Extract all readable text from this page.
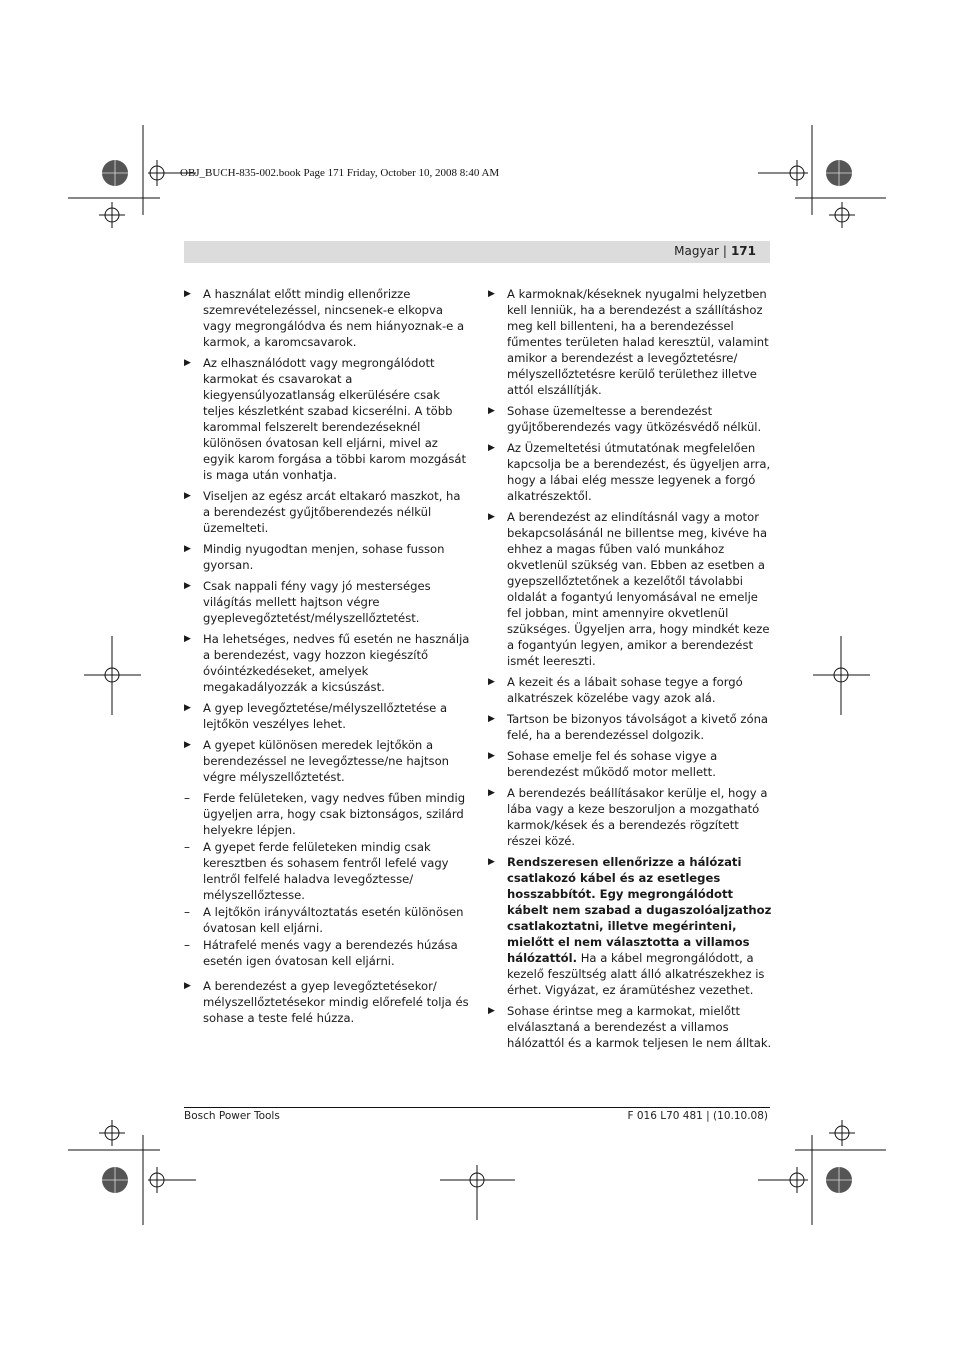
OBJ_BUCH-835-002.book Page 171 Friday, October 10, 2008 8:40 AM
Magyar | 171
▶	A használat előtt mindig ellenőrizze szemrevételezéssel, nincsenek-e elkopva vagy megrongálódva és nem hiányoznak-e a karmok, a karomcsavarok.
▶	Az elhasználódott vagy megrongálódott karmokat és csavarokat a kiegyensúlyozatlanság elkerülésére csak teljes készletként szabad kicserélni. A több karommal felszerelt berendezéseknél különösen óvatosan kell eljárni, mivel az egyik karom forgása a többi karom mozgását is maga után vonhatja.
▶	Viseljen az egész arcát eltakaró maszkot, ha a berendezést gyűjtőberendezés nélkül üzemelteti.
▶	Mindig nyugodtan menjen, sohase fusson gyorsan.
▶	Csak nappali fény vagy jó mesterséges világítás mellett hajtson végre gyeplevegőztetést/mélyszellőztetést.
▶	Ha lehetséges, nedves fű esetén ne használja a berendezést, vagy hozzon kiegészítő óvóintézkedéseket, amelyek megakadályozzák a kicsúszást.
▶	A gyep levegőztetése/mélyszellőztetése a lejtőkön veszélyes lehet.
▶	A gyepet különösen meredek lejtőkön a berendezéssel ne levegőztesse/ne hajtson végre mélyszellőztetést.
–	Ferde felületeken, vagy nedves fűben mindig ügyeljen arra, hogy csak biztonságos, szilárd helyekre lépjen.
–	A gyepet ferde felületeken mindig csak keresztben és sohasem fentről lefelé vagy lentről felfelé haladva levegőztesse/ mélyszellőztesse.
–	A lejtőkön irányváltoztatás esetén különösen óvatosan kell eljárni.
–	Hátrafelé menés vagy a berendezés húzása esetén igen óvatosan kell eljárni.
▶	A berendezést a gyep levegőztetésekor/ mélyszellőztetésekor mindig előrefelé tolja és sohase a teste felé húzza.
▶	A karmoknak/késeknek nyugalmi helyzetben kell lenniük, ha a berendezést a szállításhoz meg kell billenteni, ha a berendezéssel fűmentes területen halad keresztül, valamint amikor a berendezést a levegőztetésre/ mélyszellőztetésre kerülő területhez illetve attól elszállítják.
▶	Sohase üzemeltesse a berendezést gyűjtőberendezés vagy ütközésvédő nélkül.
▶	Az Üzemeltetési útmutatónak megfelelően kapcsolja be a berendezést, és ügyeljen arra, hogy a lábai elég messze legyenek a forgó alkatrészektől.
▶	A berendezést az elindításnál vagy a motor bekapcsolásánál ne billentse meg, kivéve ha ehhez a magas fűben való munkához okvetlenül szükség van. Ebben az esetben a gyepszellőztetőnek a kezelőtől távolabbi oldalát a fogantyú lenyomásával ne emelje fel jobban, mint amennyire okvetlenül szükséges. Ügyeljen arra, hogy mindkét keze a fogantyún legyen, amikor a berendezést ismét leereszti.
▶	A kezeit és a lábait sohase tegye a forgó alkatrészek közelébe vagy azok alá.
▶	Tartson be bizonyos távolságot a kivető zóna felé, ha a berendezéssel dolgozik.
▶	Sohase emelje fel és sohase vigye a berendezést működő motor mellett.
▶	A berendezés beállításakor kerülje el, hogy a lába vagy a keze beszoruljon a mozgatható karmok/kések és a berendezés rögzített részei közé.
▶	Rendszeresen ellenőrizze a hálózati csatlakozó kábel és az esetleges hosszabbítót. Egy megrongálódott kábelt nem szabad a dugaszolóaljzathoz csatlakoztatni, illetve megérinteni, mielőtt el nem választotta a villamos hálózattól. Ha a kábel megrongálódott, a kezelő feszültség alatt álló alkatrészekhez is érhet. Vigyázat, ez áramütéshez vezethet.
▶	Sohase érintse meg a karmokat, mielőtt elválasztaná a berendezést a villamos hálózattól és a karmok teljesen le nem álltak.
Bosch Power Tools	F 016 L70 481 | (10.10.08)
